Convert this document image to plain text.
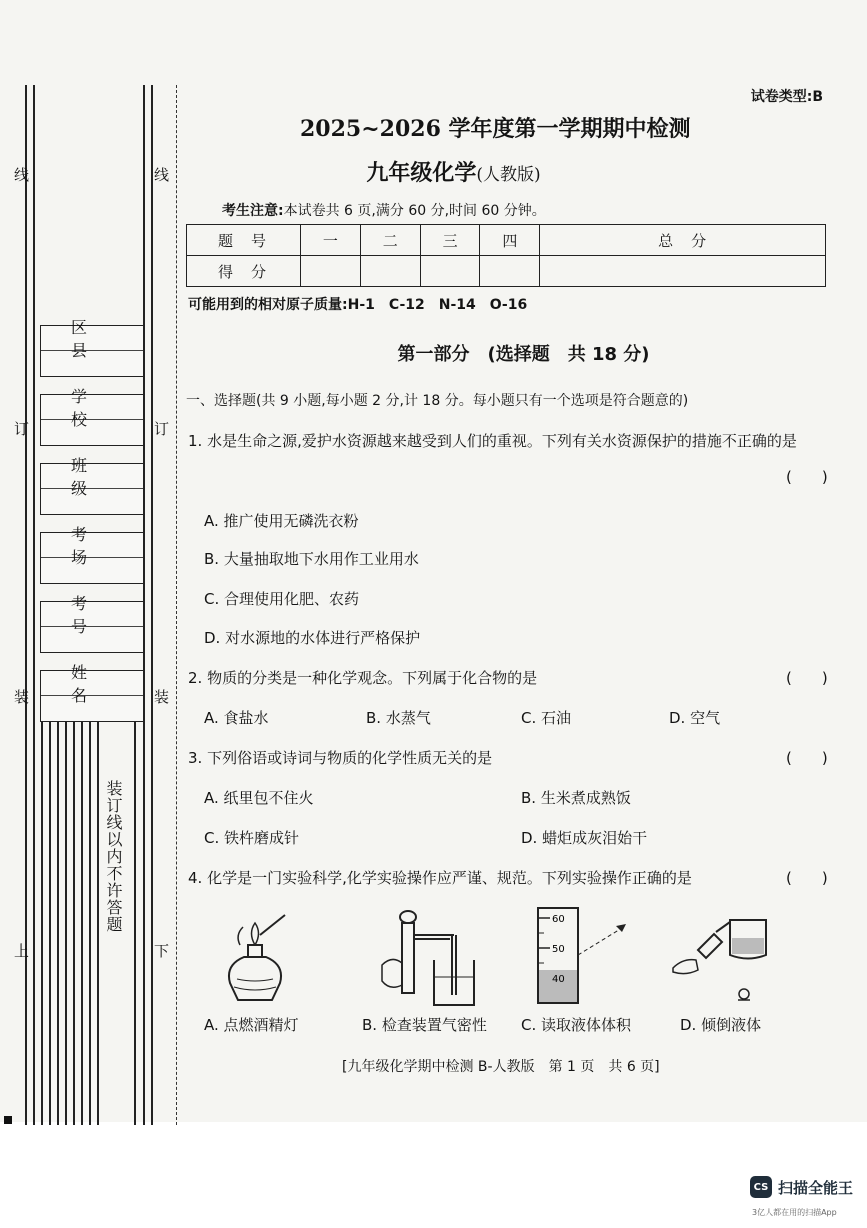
线	线
订	订
装	装
上	下
区县
学校
班级
考场
考号
姓名
装订线以内不许答题
试卷类型:B
2025~2026 学年度第一学期期中检测
九年级化学(人教版)
考生注意:本试卷共 6 页,满分 60 分,时间 60 分钟。
题号	一	二	三	四	总分
得分					
可能用到的相对原子质量:H-1　C-12　N-14　O-16
第一部分　(选择题　共 18 分)
一、选择题(共 9 小题,每小题 2 分,计 18 分。每小题只有一个选项是符合题意的)
1. 水是生命之源,爱护水资源越来越受到人们的重视。下列有关水资源保护的措施不正确的是
(　　)
A. 推广使用无磷洗衣粉
B. 大量抽取地下水用作工业用水
C. 合理使用化肥、农药
D. 对水源地的水体进行严格保护
2. 物质的分类是一种化学观念。下列属于化合物的是	(　　)
A. 食盐水	B. 水蒸气	C. 石油	D. 空气
3. 下列俗语或诗词与物质的化学性质无关的是	(　　)
A. 纸里包不住火	B. 生米煮成熟饭
C. 铁杵磨成针	D. 蜡炬成灰泪始干
4. 化学是一门实验科学,化学实验操作应严谨、规范。下列实验操作正确的是	(　　)
60
50
40
A. 点燃酒精灯	B. 检查装置气密性 C. 读取液体体积	D. 倾倒液体
[九年级化学期中检测 B-人教版　第 1 页　共 6 页]
CS 扫描全能王
3亿人都在用的扫描App
